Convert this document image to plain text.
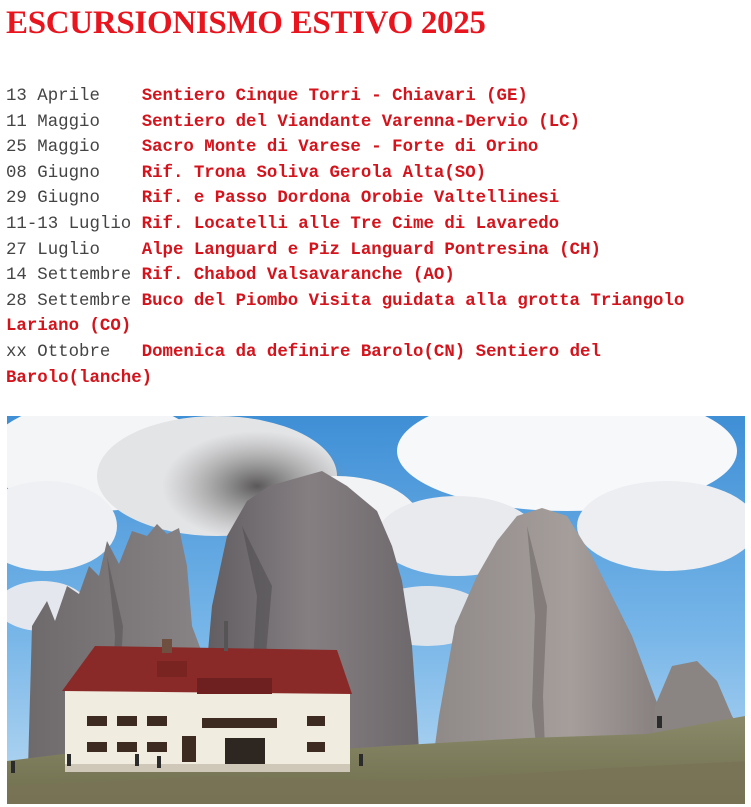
ESCURSIONISMO ESTIVO 2025
13 Aprile Sentiero Cinque Torri - Chiavari (GE)
11 Maggio Sentiero del Viandante Varenna-Dervio (LC)
25 Maggio Sacro Monte di Varese - Forte di Orino
08 Giugno Rif. Trona Soliva Gerola Alta(SO)
29 Giugno Rif. e Passo Dordona Orobie Valtellinesi
11-13 Luglio Rif. Locatelli alle Tre Cime di Lavaredo
27 Luglio Alpe Languard e Piz Languard Pontresina (CH)
14 Settembre Rif. Chabod Valsavaranche (AO)
28 Settembre Buco del Piombo Visita guidata alla grotta Triangolo Lariano (CO)
xx Ottobre Domenica da definire Barolo(CN) Sentiero del Barolo(lanche)
